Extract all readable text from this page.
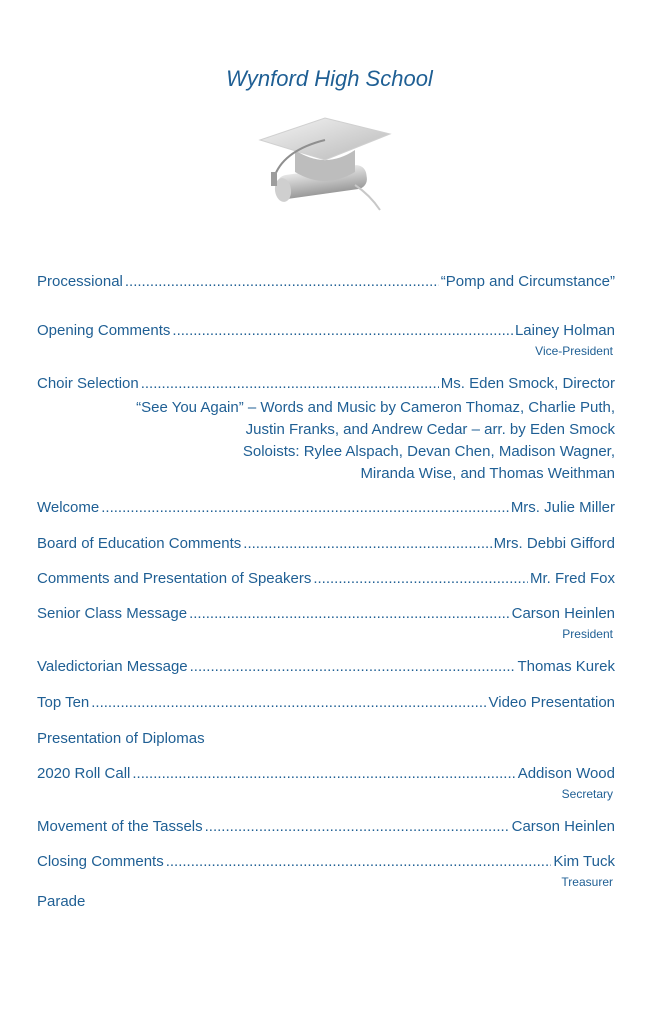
Wynford High School
Processional .....	“Pomp and Circumstance”
Opening Comments .....	Lainey Holman
Vice-President
Choir Selection .....	Ms. Eden Smock, Director
“See You Again” – Words and Music by Cameron Thomaz, Charlie Puth,
Justin Franks, and Andrew Cedar – arr. by Eden Smock
Soloists: Rylee Alspach, Devan Chen, Madison Wagner,
Miranda Wise, and Thomas Weithman
Welcome .....	Mrs. Julie Miller
Board of Education Comments .....	Mrs. Debbi Gifford
Comments and Presentation of Speakers .....	Mr. Fred Fox
Senior Class Message .....	Carson Heinlen
President
Valedictorian Message .....	Thomas Kurek
Top Ten .....	Video Presentation
Presentation of Diplomas
2020 Roll Call .....	Addison Wood
Secretary
Movement of the Tassels .....	Carson Heinlen
Closing Comments .....	Kim Tuck
Treasurer
Parade
